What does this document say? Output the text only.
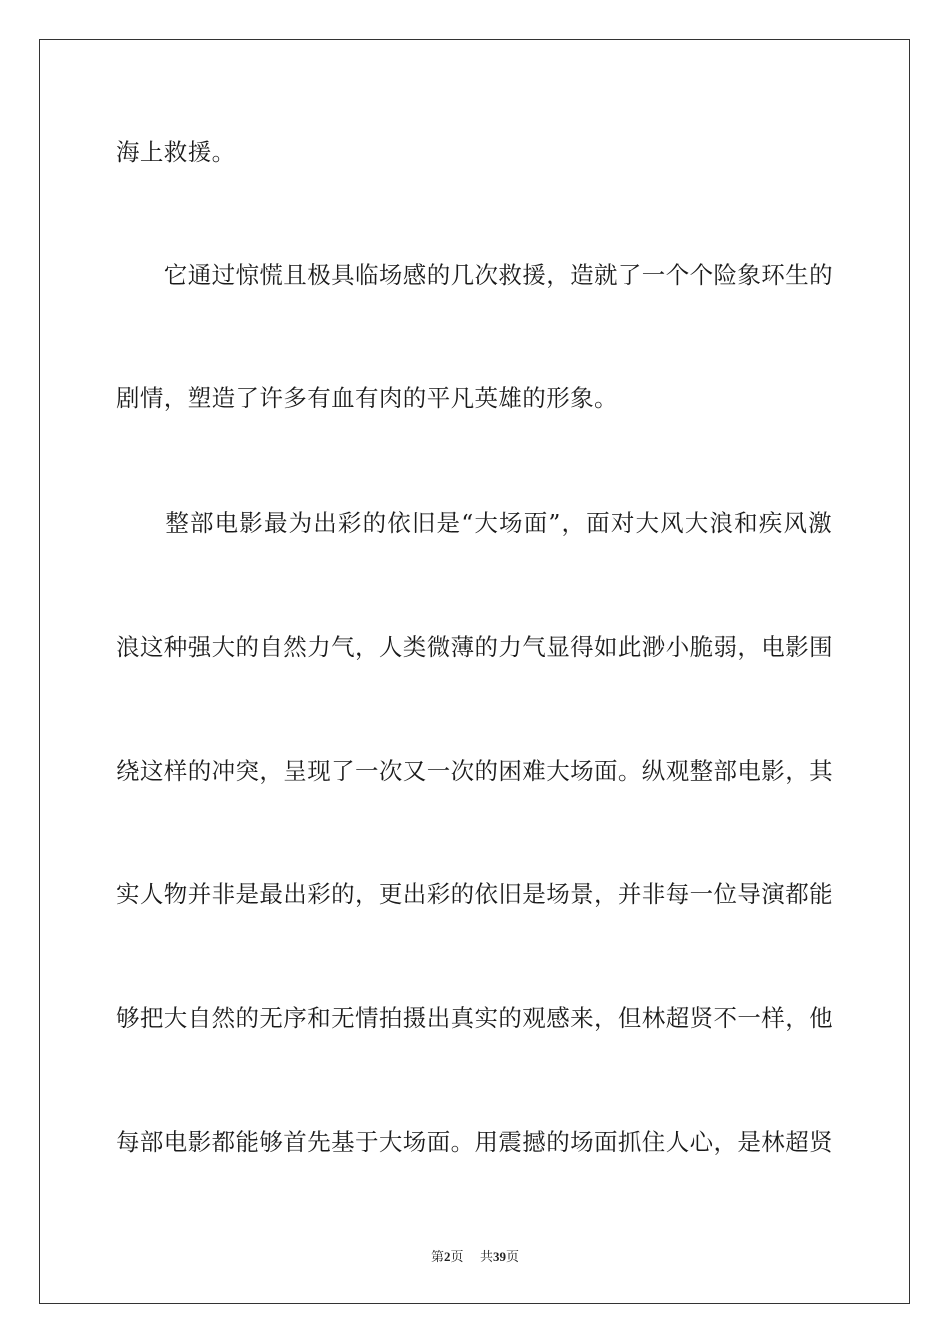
海上救援。
　　它通过惊慌且极具临场感的几次救援，造就了一个个险象环生的
剧情，塑造了许多有血有肉的平凡英雄的形象。
　　整部电影最为出彩的依旧是“大场面”，面对大风大浪和疾风激
浪这种强大的自然力气，人类微薄的力气显得如此渺小脆弱，电影围
绕这样的冲突，呈现了一次又一次的困难大场面。纵观整部电影，其
实人物并非是最出彩的，更出彩的依旧是场景，并非每一位导演都能
够把大自然的无序和无情拍摄出真实的观感来，但林超贤不一样，他
每部电影都能够首先基于大场面。用震撼的场面抓住人心，是林超贤
第2页 共39页
